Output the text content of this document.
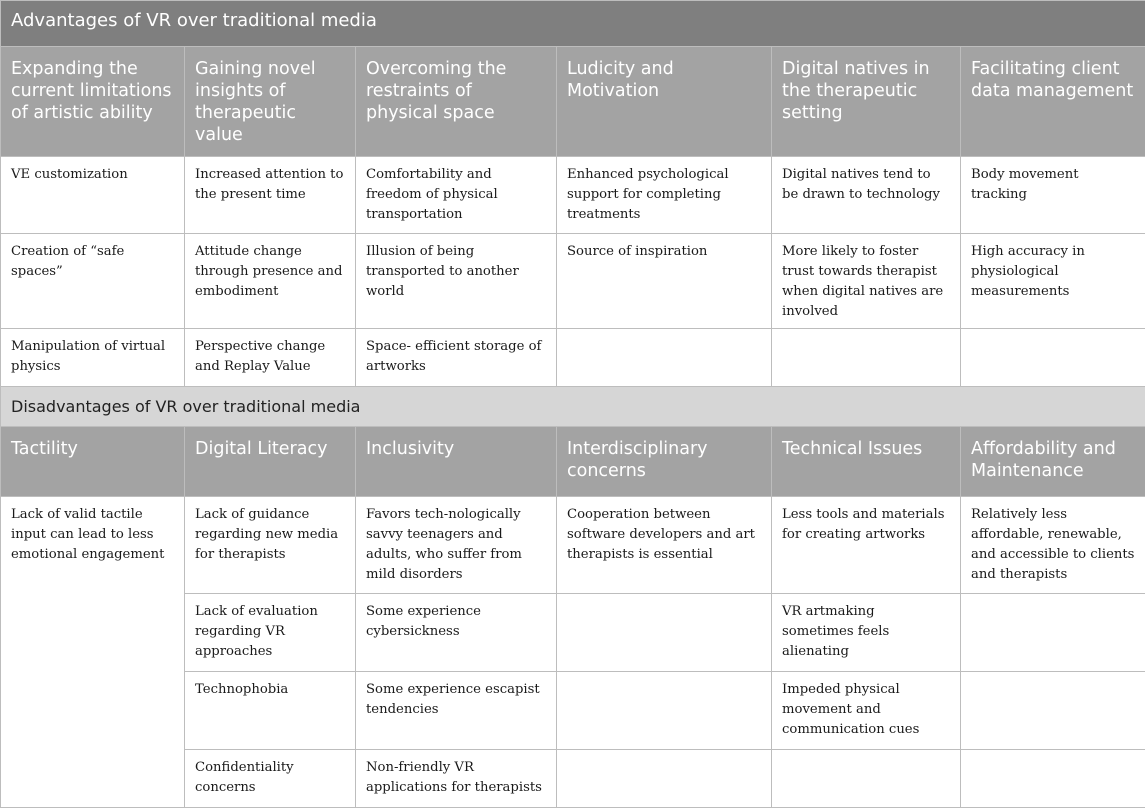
Advantages of VR over traditional media					
Expanding the current limitations of artistic ability	Gaining novel insights of therapeutic value	Overcoming the restraints of physical space	Ludicity and Motivation	Digital natives in the therapeutic setting	Facilitating client data management
VE customization	Increased attention to the present time	Comfortability and freedom of physical transportation	Enhanced psychological support for completing treatments	Digital natives tend to be drawn to technology	Body movement tracking
Creation of “safe spaces”	Attitude change through presence and embodiment	Illusion of being transported to another world	Source of inspiration	More likely to foster trust towards therapist when digital natives are involved	High accuracy in physiological measurements
Manipulation of virtual physics	Perspective change and Replay Value	Space- efficient storage of artworks			
Disadvantages of VR over traditional media					
Tactility	Digital Literacy	Inclusivity	Interdisciplinary concerns	Technical Issues	Affordability and Maintenance
Lack of valid tactile input can lead to less emotional engagement	Lack of guidance regarding new media for therapists	Favors tech-nologically savvy teenagers and adults, who suffer from mild disorders	Cooperation between software developers and art therapists is essential	Less tools and materials for creating artworks	Relatively less affordable, renewable, and accessible to clients and therapists
	Lack of evaluation regarding VR approaches	Some experience cybersickness		VR artmaking sometimes feels alienating	
	Technophobia	Some experience escapist tendencies		Impeded physical movement and communication cues	
	Confidentiality concerns	Non-friendly VR applications for therapists			
